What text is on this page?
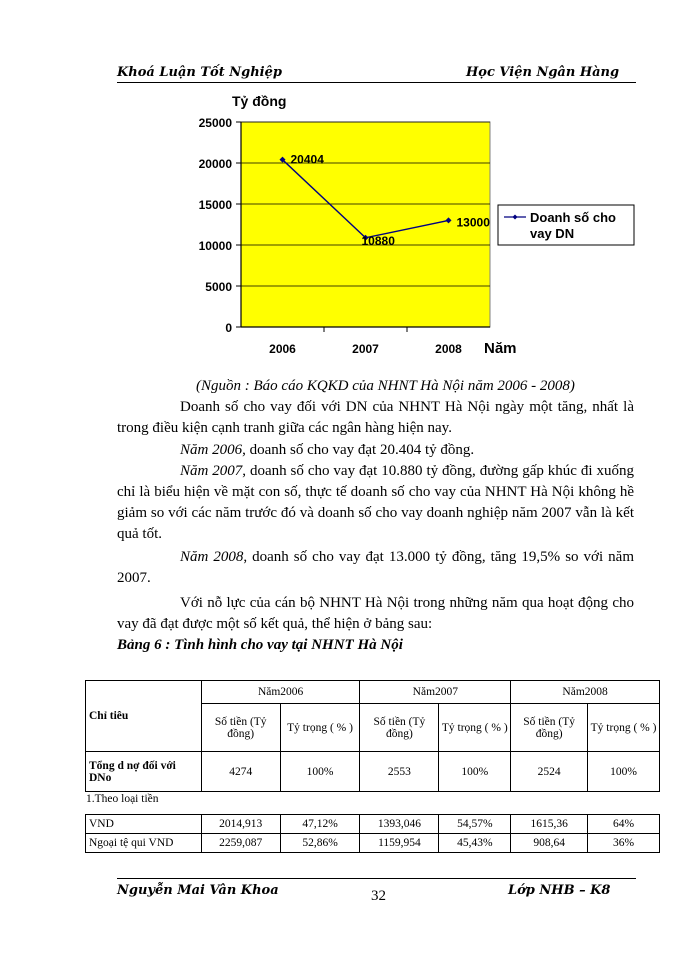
Khoá Luận Tốt Nghiệp	Học Viện Ngân Hàng
Tỷ đồng
0
5000
10000
15000
20000
25000
2006	2007	2008
20404
10880
13000
Năm
Doanh số cho
vay DN
(Nguồn : Báo cáo KQKD của NHNT Hà Nội năm 2006 - 2008)

Doanh số cho vay đối với DN của NHNT Hà Nội ngày một tăng, nhất là trong điều kiện cạnh tranh giữa các ngân hàng hiện nay.

Năm 2006, doanh số cho vay đạt 20.404 tỷ đồng.

Năm 2007, doanh số cho vay đạt 10.880 tỷ đồng, đường gấp khúc đi xuống chỉ là biểu hiện về mặt con số, thực tế doanh số cho vay của NHNT Hà Nội không hề giảm so với các năm trước đó và doanh số cho vay doanh nghiệp năm 2007 vẫn là kết quả tốt.

Năm 2008, doanh số cho vay đạt 13.000 tỷ đồng, tăng 19,5% so với năm 2007.

Với nỗ lực của cán bộ NHNT Hà Nội trong những năm qua hoạt động cho vay đã đạt được một số kết quả, thể hiện ở bảng sau:

Bảng 6 : Tình hình cho vay tại NHNT Hà Nội
Chỉ tiêu	Năm2006		Năm2007		Năm2008	
	Số tiền (Tỷ đồng)	Tỷ trọng ( % )	Số tiền (Tỷ đồng)	Tỷ trọng ( % )	Số tiền (Tỷ đồng)	Tỷ trọng ( % )
Tổng d nợ đối với DNo	4274	100%	2553	100%	2524	100%
1.Theo loại tiền
VND	2014,913	47,12%	1393,046	54,57%	1615,36	64%
Ngoại tệ qui VND	2259,087	52,86%	1159,954	45,43%	908,64	36%
Nguyễn Mai Vân Khoa	32	Lớp NHB – K8
